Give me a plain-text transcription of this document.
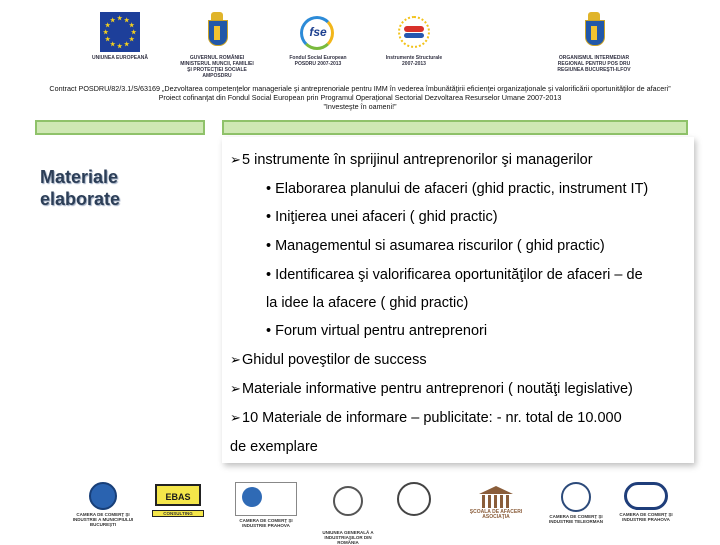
★ ★
★
★
★
★
★
★
★
★
★
★
UNIUNEA EUROPEANĂ	GUVERNUL ROMÂNIEI MINISTERUL MUNCII, FAMILIEI ŞI PROTECŢIEI SOCIALE AMPOSDRU
fse
Fondul Social European POSDRU 2007-2013
Instrumente Structurale 2007-2013
ORGANISMUL INTERMEDIAR REGIONAL PENTRU POS DRU REGIUNEA BUCUREŞTI-ILFOV
Contract POSDRU/82/3.1/S/63169 „Dezvoltarea competenţelor manageriale şi antreprenoriale pentru IMM în vederea îmbunătăţirii eficienţei organizaţionale şi valorificării oportunităţilor de afaceri”
Proiect cofinanţat din Fondul Social European prin Programul Operaţional Sectorial Dezvoltarea Resurselor Umane 2007-2013
”Investeşte în oameni!”
Materiale elaborate
➢5 instrumente în sprijinul antreprenorilor şi managerilor
• Elaborarea planului de afaceri (ghid practic, instrument IT)
• Iniţierea unei afaceri ( ghid practic)
• Managementul si asumarea riscurilor ( ghid practic)
• Identificarea şi valorificarea oportunităţilor de afaceri – de
la idee la afacere ( ghid practic)
• Forum virtual pentru antreprenori
➢Ghidul poveştilor de success
➢Materiale informative pentru antreprenori ( noutăţi legislative)
➢10 Materiale de informare – publicitate: - nr. total de 10.000
de exemplare
CAMERA DE COMERŢ ŞI INDUSTRIE A MUNICIPIULUI BUCUREŞTI
EBAS
CONSULTING
CAMERA DE COMERŢ ŞI INDUSTRIE PRAHOVA
UNIUNEA GENERALĂ A INDUSTRIAŞILOR DIN ROMÂNIA
ŞCOALA DE AFACERI
ASOCIAŢIA	CAMERA DE COMERŢ ŞI INDUSTRIE TELEORMAN
CAMERA DE COMERŢ ŞI INDUSTRIE PRAHOVA
